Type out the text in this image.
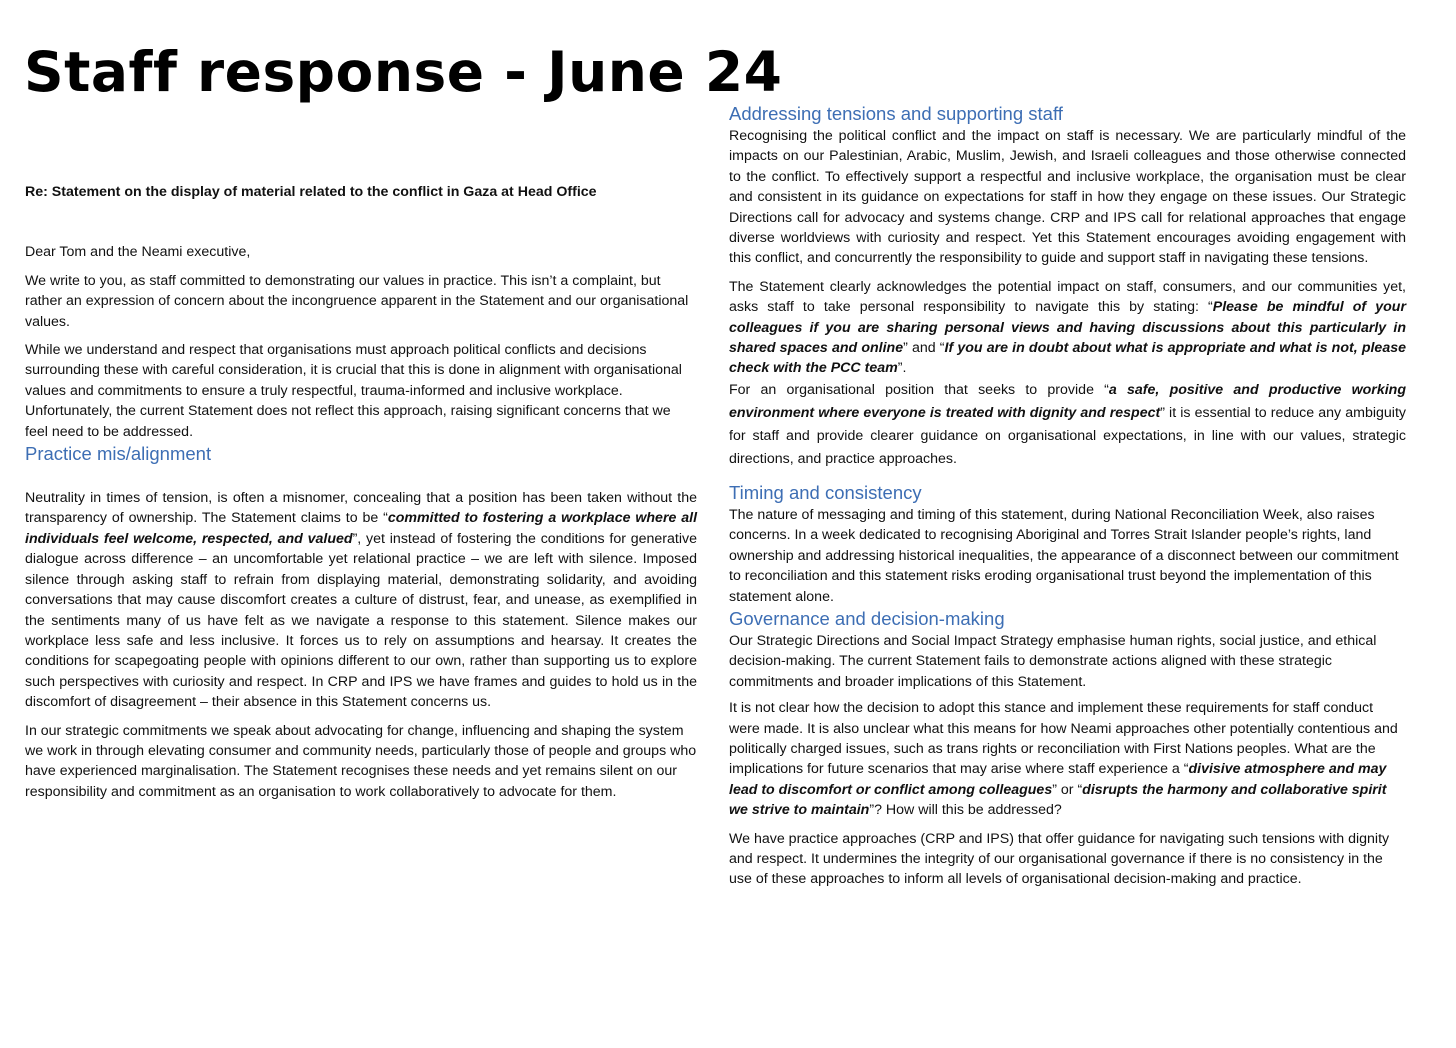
Staff response - June 24

Re: Statement on the display of material related to the conflict in Gaza at Head Office

Dear Tom and the Neami executive,

We write to you, as staff committed to demonstrating our values in practice. This isn’t a complaint, but rather an expression of concern about the incongruence apparent in the Statement and our organisational values.

While we understand and respect that organisations must approach political conflicts and decisions surrounding these with careful consideration, it is crucial that this is done in alignment with organisational values and commitments to ensure a truly respectful, trauma-informed and inclusive workplace. Unfortunately, the current Statement does not reflect this approach, raising significant concerns that we feel need to be addressed.

Practice mis/alignment

Neutrality in times of tension, is often a misnomer, concealing that a position has been taken without the transparency of ownership. The Statement claims to be “committed to fostering a workplace where all individuals feel welcome, respected, and valued”, yet instead of fostering the conditions for generative dialogue across difference – an uncomfortable yet relational practice – we are left with silence. Imposed silence through asking staff to refrain from displaying material, demonstrating solidarity, and avoiding conversations that may cause discomfort creates a culture of distrust, fear, and unease, as exemplified in the sentiments many of us have felt as we navigate a response to this statement. Silence makes our workplace less safe and less inclusive. It forces us to rely on assumptions and hearsay. It creates the conditions for scapegoating people with opinions different to our own, rather than supporting us to explore such perspectives with curiosity and respect. In CRP and IPS we have frames and guides to hold us in the discomfort of disagreement – their absence in this Statement concerns us.

In our strategic commitments we speak about advocating for change, influencing and shaping the system we work in through elevating consumer and community needs, particularly those of people and groups who have experienced marginalisation. The Statement recognises these needs and yet remains silent on our responsibility and commitment as an organisation to work collaboratively to advocate for them.

Addressing tensions and supporting staff

Recognising the political conflict and the impact on staff is necessary. We are particularly mindful of the impacts on our Palestinian, Arabic, Muslim, Jewish, and Israeli colleagues and those otherwise connected to the conflict. To effectively support a respectful and inclusive workplace, the organisation must be clear and consistent in its guidance on expectations for staff in how they engage on these issues. Our Strategic Directions call for advocacy and systems change. CRP and IPS call for relational approaches that engage diverse worldviews with curiosity and respect. Yet this Statement encourages avoiding engagement with this conflict, and concurrently the responsibility to guide and support staff in navigating these tensions.

The Statement clearly acknowledges the potential impact on staff, consumers, and our communities yet, asks staff to take personal responsibility to navigate this by stating: “Please be mindful of your colleagues if you are sharing personal views and having discussions about this particularly in shared spaces and online” and “If you are in doubt about what is appropriate and what is not, please check with the PCC team”.

For an organisational position that seeks to provide “a safe, positive and productive working environment where everyone is treated with dignity and respect” it is essential to reduce any ambiguity for staff and provide clearer guidance on organisational expectations, in line with our values, strategic directions, and practice approaches.

Timing and consistency

The nature of messaging and timing of this statement, during National Reconciliation Week, also raises concerns. In a week dedicated to recognising Aboriginal and Torres Strait Islander people’s rights, land ownership and addressing historical inequalities, the appearance of a disconnect between our commitment to reconciliation and this statement risks eroding organisational trust beyond the implementation of this statement alone.

Governance and decision-making

Our Strategic Directions and Social Impact Strategy emphasise human rights, social justice, and ethical decision-making. The current Statement fails to demonstrate actions aligned with these strategic commitments and broader implications of this Statement.

It is not clear how the decision to adopt this stance and implement these requirements for staff conduct were made. It is also unclear what this means for how Neami approaches other potentially contentious and politically charged issues, such as trans rights or reconciliation with First Nations peoples. What are the implications for future scenarios that may arise where staff experience a “divisive atmosphere and may lead to discomfort or conflict among colleagues” or “disrupts the harmony and collaborative spirit we strive to maintain”? How will this be addressed?

We have practice approaches (CRP and IPS) that offer guidance for navigating such tensions with dignity and respect. It undermines the integrity of our organisational governance if there is no consistency in the use of these approaches to inform all levels of organisational decision-making and practice.
